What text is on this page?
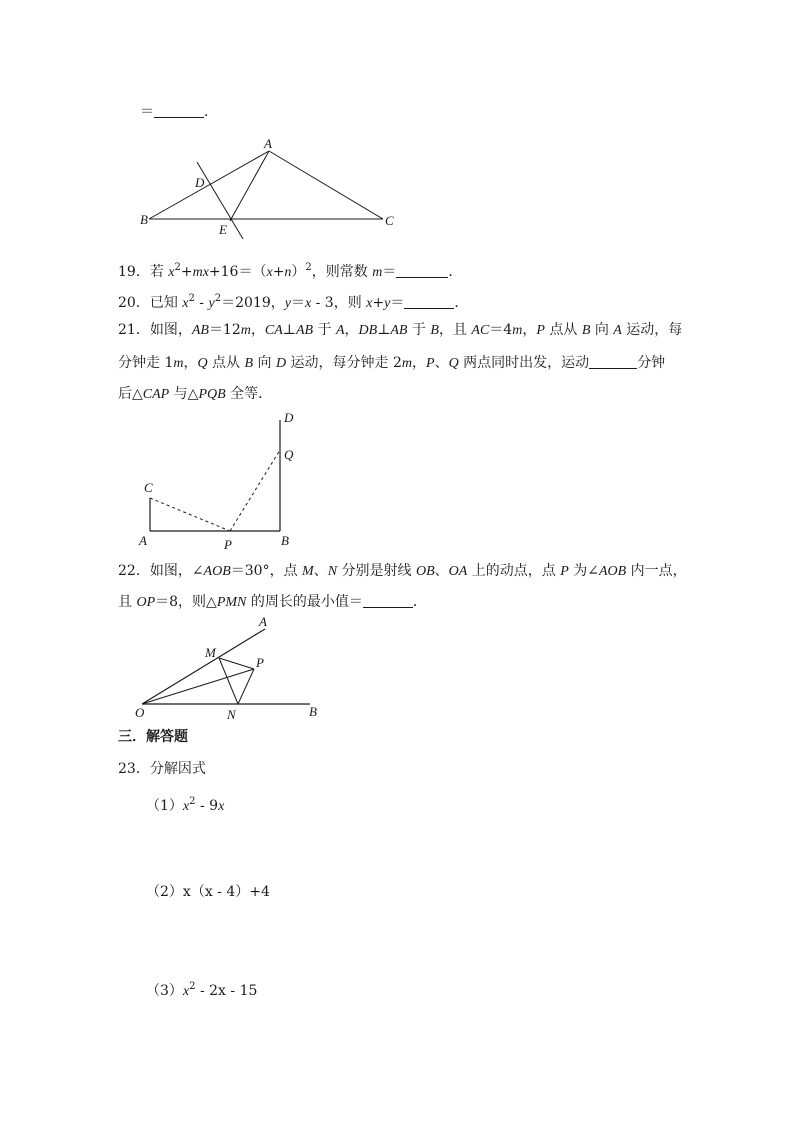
＝	.
A
B	C
D
E
19．若 $x^2+mx+16=(x+n)^2$，则常数 m＝	．
20．已知 $x^2 - y^2=2019$，y＝x - 3，则 x+y＝	．
21．如图，AB＝12m，CA⊥AB 于 A，DB⊥AB 于 B，且 AC＝4m，P 点从 B 向 A 运动，每
分钟走 1m，Q 点从 B 向 D 运动，每分钟走 2m，P、Q 两点同时出发，运动	分钟
后△CAP 与△PQB 全等．
D
Q
C
A	P	B
22．如图，∠AOB＝30°，点 M、N 分别是射线 OB、OA 上的动点，点 P 为∠AOB 内一点，
且 OP＝8，则△PMN 的周长的最小值＝	．
A
M
P
O	N	B
三．解答题
23．分解因式
$(1)x^2 - 9x$
（2）x（x - 4）+4
$(3)x^2 - 2x - 15$
